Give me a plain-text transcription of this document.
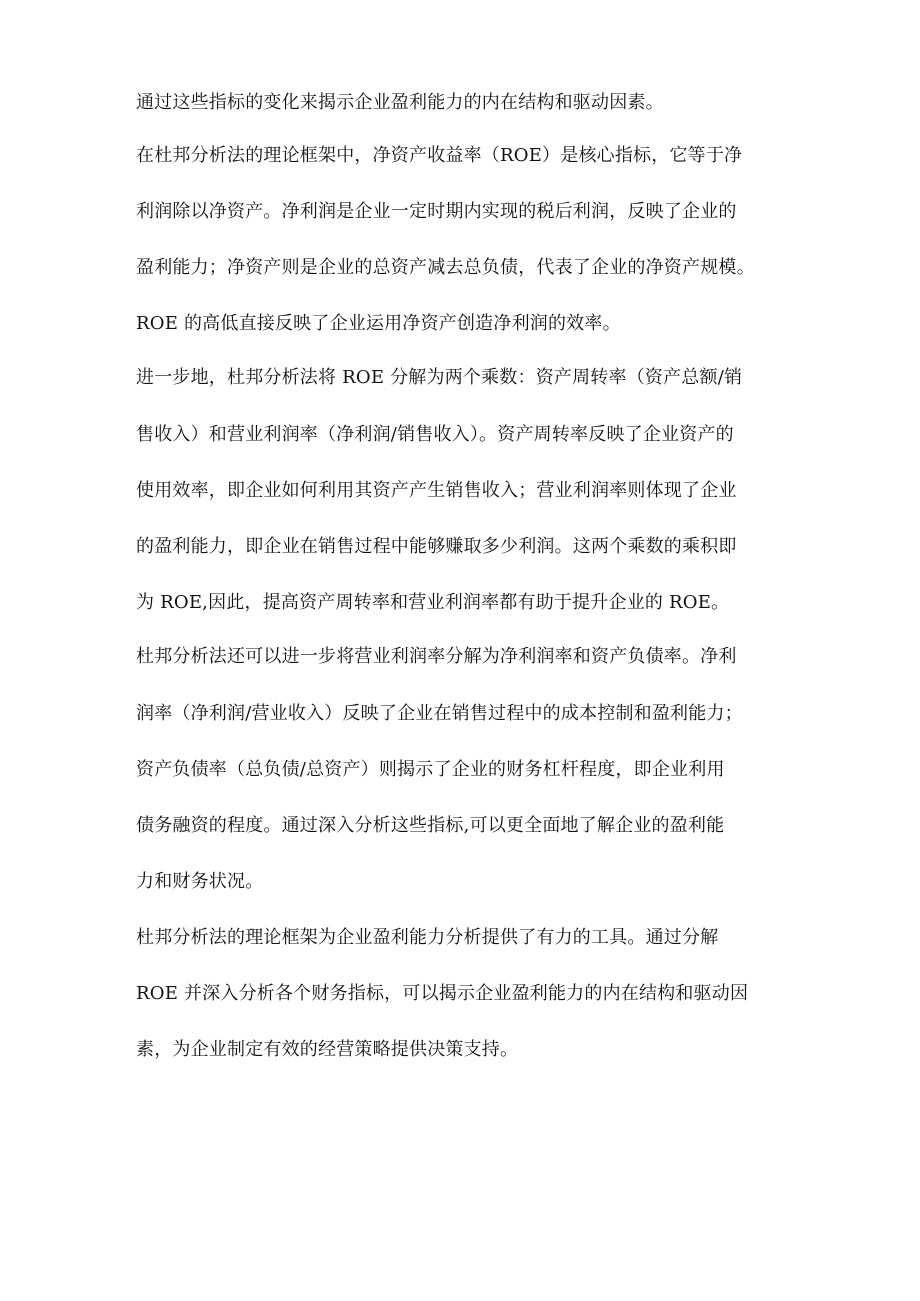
通过这些指标的变化来揭示企业盈利能力的内在结构和驱动因素。
在杜邦分析法的理论框架中，净资产收益率（ROE）是核心指标，它等于净
利润除以净资产。净利润是企业一定时期内实现的税后利润，反映了企业的
盈利能力；净资产则是企业的总资产减去总负债，代表了企业的净资产规模。
ROE 的高低直接反映了企业运用净资产创造净利润的效率。
进一步地，杜邦分析法将 ROE 分解为两个乘数：资产周转率（资产总额/销
售收入）和营业利润率（净利润/销售收入）。资产周转率反映了企业资产的
使用效率，即企业如何利用其资产产生销售收入；营业利润率则体现了企业
的盈利能力，即企业在销售过程中能够赚取多少利润。这两个乘数的乘积即
为 ROE,因此，提高资产周转率和营业利润率都有助于提升企业的 ROE。
杜邦分析法还可以进一步将营业利润率分解为净利润率和资产负债率。净利
润率（净利润/营业收入）反映了企业在销售过程中的成本控制和盈利能力；
资产负债率（总负债/总资产）则揭示了企业的财务杠杆程度，即企业利用
债务融资的程度。通过深入分析这些指标,可以更全面地了解企业的盈利能
力和财务状况。
杜邦分析法的理论框架为企业盈利能力分析提供了有力的工具。通过分解
ROE 并深入分析各个财务指标，可以揭示企业盈利能力的内在结构和驱动因
素，为企业制定有效的经营策略提供决策支持。
